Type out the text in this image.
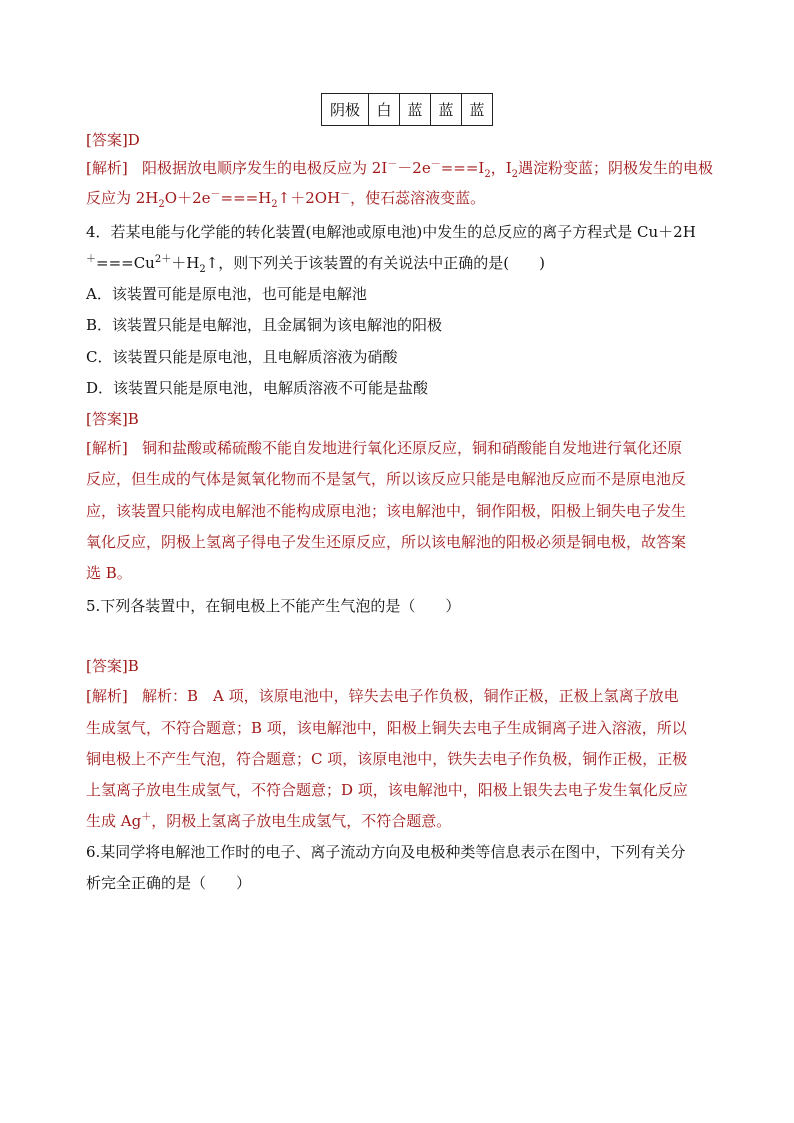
阴极	白	蓝	蓝	蓝
[答案]D
[解析] 阳极据放电顺序发生的电极反应为 $2I^--2e^-===I_2$，$I_2$遇淀粉变蓝；阴极发生的电极
反应为 $2H_2O+2e^-===H_2↑+2OH^-$，使石蕊溶液变蓝。
4．若某电能与化学能的转化装置(电解池或原电池)中发生的总反应的离子方程式是 Cu＋2H
$^+===Cu^{2+}+H_2↑$，则下列关于该装置的有关说法中正确的是(　　)
A．该装置可能是原电池，也可能是电解池
B．该装置只能是电解池，且金属铜为该电解池的阳极
C．该装置只能是原电池，且电解质溶液为硝酸
D．该装置只能是原电池，电解质溶液不可能是盐酸
[答案]B
[解析] 铜和盐酸或稀硫酸不能自发地进行氧化还原反应，铜和硝酸能自发地进行氧化还原
反应，但生成的气体是氮氧化物而不是氢气，所以该反应只能是电解池反应而不是原电池反
应，该装置只能构成电解池不能构成原电池；该电解池中，铜作阳极，阳极上铜失电子发生
氧化反应，阴极上氢离子得电子发生还原反应，所以该电解池的阳极必须是铜电极，故答案
选 B。
5.下列各装置中，在铜电极上不能产生气泡的是（　　）
[答案]B
[解析] 解析：B　A 项，该原电池中，锌失去电子作负极，铜作正极，正极上氢离子放电
生成氢气，不符合题意；B 项，该电解池中，阳极上铜失去电子生成铜离子进入溶液，所以
铜电极上不产生气泡，符合题意；C 项，该原电池中，铁失去电子作负极，铜作正极，正极
上氢离子放电生成氢气，不符合题意；D 项，该电解池中，阳极上银失去电子发生氧化反应
生成 Ag＋，阴极上氢离子放电生成氢气，不符合题意。
6.某同学将电解池工作时的电子、离子流动方向及电极种类等信息表示在图中，下列有关分
析完全正确的是（　　）
